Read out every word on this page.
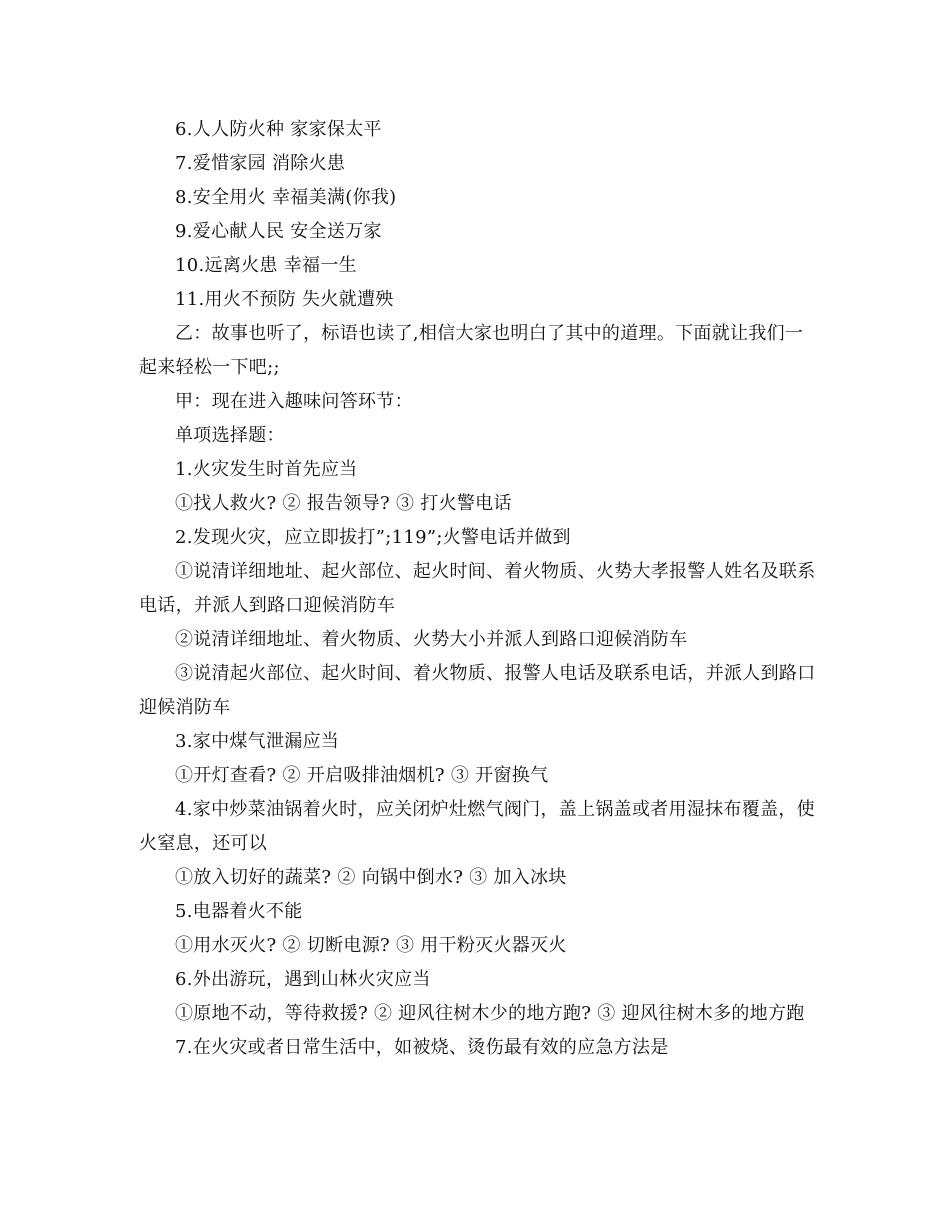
6.人人防火种 家家保太平

7.爱惜家园 消除火患

8.安全用火 幸福美满(你我)

9.爱心献人民 安全送万家

10.远离火患 幸福一生

11.用火不预防 失火就遭殃

乙：故事也听了，标语也读了,相信大家也明白了其中的道理。下面就让我们一起来轻松一下吧;;

甲：现在进入趣味问答环节：

单项选择题：

1.火灾发生时首先应当

①找人救火? ② 报告领导? ③ 打火警电话

2.发现火灾，应立即拔打”;119”;火警电话并做到

①说清详细地址、起火部位、起火时间、着火物质、火势大孝报警人姓名及联系电话，并派人到路口迎候消防车

②说清详细地址、着火物质、火势大小并派人到路口迎候消防车

③说清起火部位、起火时间、着火物质、报警人电话及联系电话，并派人到路口迎候消防车

3.家中煤气泄漏应当

①开灯查看? ② 开启吸排油烟机? ③ 开窗换气

4.家中炒菜油锅着火时，应关闭炉灶燃气阀门，盖上锅盖或者用湿抹布覆盖，使火窒息，还可以

①放入切好的蔬菜? ② 向锅中倒水? ③ 加入冰块

5.电器着火不能

①用水灭火? ② 切断电源? ③ 用干粉灭火器灭火

6.外出游玩，遇到山林火灾应当

①原地不动，等待救援? ② 迎风往树木少的地方跑? ③ 迎风往树木多的地方跑

7.在火灾或者日常生活中，如被烧、烫伤最有效的应急方法是
